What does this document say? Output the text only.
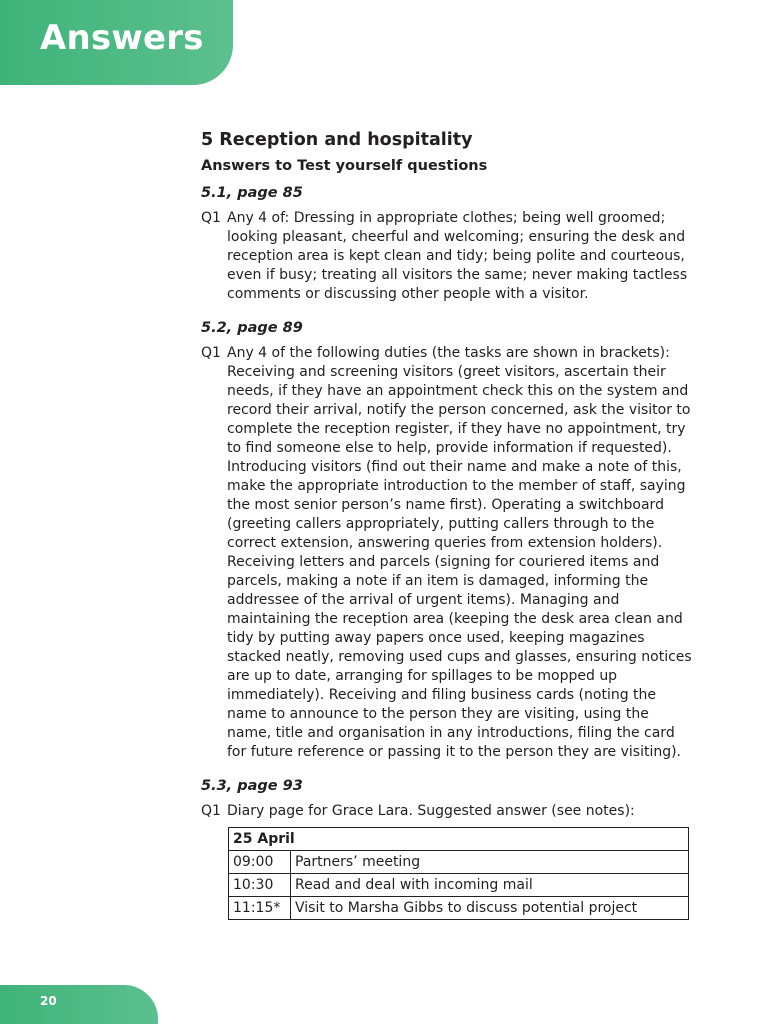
Answers
5 Reception and hospitality
Answers to Test yourself questions
5.1, page 85
Q1 Any 4 of: Dressing in appropriate clothes; being well groomed; looking pleasant, cheerful and welcoming; ensuring the desk and reception area is kept clean and tidy; being polite and courteous, even if busy; treating all visitors the same; never making tactless comments or discussing other people with a visitor.
5.2, page 89
Q1 Any 4 of the following duties (the tasks are shown in brackets): Receiving and screening visitors (greet visitors, ascertain their needs, if they have an appointment check this on the system and record their arrival, notify the person concerned, ask the visitor to complete the reception register, if they have no appointment, try to find someone else to help, provide information if requested). Introducing visitors (find out their name and make a note of this, make the appropriate introduction to the member of staff, saying the most senior person’s name first). Operating a switchboard (greeting callers appropriately, putting callers through to the correct extension, answering queries from extension holders). Receiving letters and parcels (signing for couriered items and parcels, making a note if an item is damaged, informing the addressee of the arrival of urgent items). Managing and maintaining the reception area (keeping the desk area clean and tidy by putting away papers once used, keeping magazines stacked neatly, removing used cups and glasses, ensuring notices are up to date, arranging for spillages to be mopped up immediately). Receiving and filing business cards (noting the name to announce to the person they are visiting, using the name, title and organisation in any introductions, filing the card for future reference or passing it to the person they are visiting).
5.3, page 93
Q1 Diary page for Grace Lara. Suggested answer (see notes):
25 April	
09:00	Partners’ meeting
10:30	Read and deal with incoming mail
11:15*	Visit to Marsha Gibbs to discuss potential project
20
